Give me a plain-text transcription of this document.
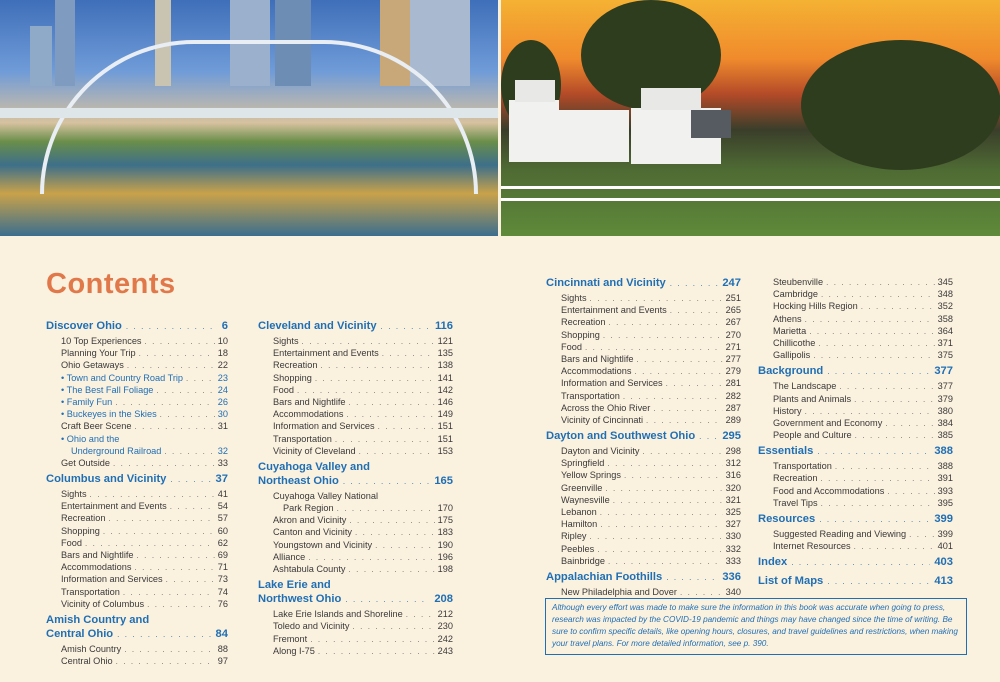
Contents
Discover Ohio . . .	6
10 Top Experiences . . .	10
Planning Your Trip . . .	18
Ohio Getaways . . .	22
• Town and Country Road Trip . . .	23
• The Best Fall Foliage . . .	24
• Family Fun . . .	26
• Buckeyes in the Skies . . .	30
Craft Beer Scene . . .	31
• Ohio and the
Underground Railroad . . .	32
Get Outside . . .	33
Columbus and Vicinity . . .	37
Sights . . .	41
Entertainment and Events . . .	54
Recreation . . .	57
Shopping . . .	60
Food . . .	62
Bars and Nightlife . . .	69
Accommodations . . .	71
Information and Services . . .	73
Transportation . . .	74
Vicinity of Columbus . . .	76
Amish Country and
Central Ohio . . .	84
Amish Country . . .	88
Central Ohio . . .	97
Cleveland and Vicinity . . .	116
Sights . . .	121
Entertainment and Events . . .	135
Recreation . . .	138
Shopping . . .	141
Food . . .	142
Bars and Nightlife . . .	146
Accommodations . . .	149
Information and Services . . .	151
Transportation . . .	151
Vicinity of Cleveland . . .	153
Cuyahoga Valley and
Northeast Ohio . . .	165
Cuyahoga Valley National
Park Region . . .	170
Akron and Vicinity . . .	175
Canton and Vicinity . . .	183
Youngstown and Vicinity . . .	190
Alliance . . .	196
Ashtabula County . . .	198
Lake Erie and
Northwest Ohio . . .	208
Lake Erie Islands and Shoreline . . .	212
Toledo and Vicinity . . .	230
Fremont . . .	242
Along I-75 . . .	243
Cincinnati and Vicinity . . .	247
Sights . . .	251
Entertainment and Events . . .	265
Recreation . . .	267
Shopping . . .	270
Food . . .	271
Bars and Nightlife . . .	277
Accommodations . . .	279
Information and Services . . .	281
Transportation . . .	282
Across the Ohio River . . .	287
Vicinity of Cincinnati . . .	289
Dayton and Southwest Ohio . . . 295
Dayton and Vicinity . . .	298
Springfield . . .	312
Yellow Springs . . .	316
Greenville . . .	320
Waynesville . . .	321
Lebanon . . .	325
Hamilton . . .	327
Ripley . . .	330
Peebles . . .	332
Bainbridge . . .	333
Appalachian Foothills . . .	336
New Philadelphia and Dover . . .	340
Steubenville . . .	345
Cambridge . . .	348
Hocking Hills Region . . .	352
Athens . . .	358
Marietta . . .	364
Chillicothe . . .	371
Gallipolis . . .	375
Background . . .	377
The Landscape . . .	377
Plants and Animals . . .	379
History . . .	380
Government and Economy . . .	384
People and Culture . . .	385
Essentials . . .	388
Transportation . . .	388
Recreation . . .	391
Food and Accommodations . . .	393
Travel Tips . . .	395
Resources . . .	399
Suggested Reading and Viewing . . .	399
Internet Resources . . .	401
Index . . .	403
List of Maps . . .	413
Although every effort was made to make sure the information in this book was accurate when going to press, research was impacted by the COVID-19 pandemic and things may have changed since the time of writing. Be sure to confirm specific details, like opening hours, closures, and travel guidelines and restrictions, when making your travel plans. For more detailed information, see p. 390.
